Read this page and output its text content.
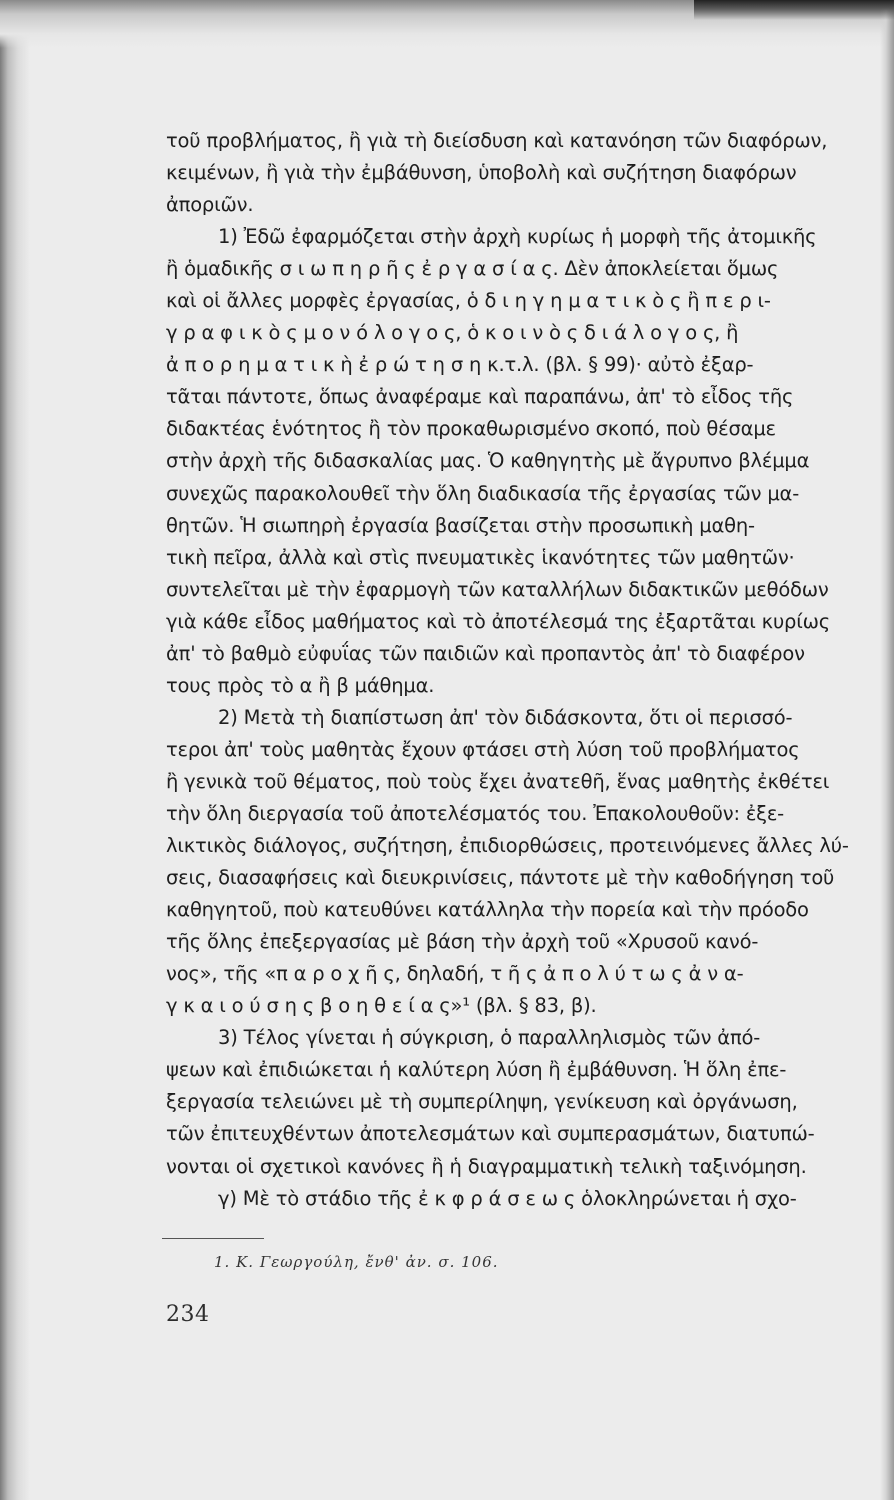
τοῦ προβλήματος, ἢ γιὰ τὴ διείσδυση καὶ κατανόηση τῶν διαφόρων,
κειμένων, ἢ γιὰ τὴν ἐμβάθυνση, ὑποβολὴ καὶ συζήτηση διαφόρων
ἀποριῶν.
1) Ἐδῶ ἐφαρμόζεται στὴν ἀρχὴ κυρίως ἡ μορφὴ τῆς ἀτομικῆς
ἢ ὁμαδικῆς σ ι ω π η ρ ῆ ς ἐ ρ γ α σ ί α ς. Δὲν ἀποκλείεται ὅμως
καὶ οἱ ἄλλες μορφὲς ἐργασίας, ὁ δ ι η γ η μ α τ ι κ ὸ ς ἢ π ε ρ ι-
γ ρ α φ ι κ ὸ ς μ ο ν ό λ ο γ ο ς, ὁ κ ο ι ν ὸ ς δ ι ά λ ο γ ο ς, ἢ
ἀ π ο ρ η μ α τ ι κ ὴ ἐ ρ ώ τ η σ η κ.τ.λ. (βλ. § 99)· αὐτὸ ἐξαρ-
τᾶται πάντοτε, ὅπως ἀναφέραμε καὶ παραπάνω, ἀπ' τὸ εἶδος τῆς
διδακτέας ἑνότητος ἢ τὸν προκαθωρισμένο σκοπό, ποὺ θέσαμε
στὴν ἀρχὴ τῆς διδασκαλίας μας. Ὁ καθηγητὴς μὲ ἄγρυπνο βλέμμα
συνεχῶς παρακολουθεῖ τὴν ὅλη διαδικασία τῆς ἐργασίας τῶν μα-
θητῶν. Ἡ σιωπηρὴ ἐργασία βασίζεται στὴν προσωπικὴ μαθη-
τικὴ πεῖρα, ἀλλὰ καὶ στὶς πνευματικὲς ἱκανότητες τῶν μαθητῶν·
συντελεῖται μὲ τὴν ἐφαρμογὴ τῶν καταλλήλων διδακτικῶν μεθόδων
γιὰ κάθε εἶδος μαθήματος καὶ τὸ ἀποτέλεσμά της ἐξαρτᾶται κυρίως
ἀπ' τὸ βαθμὸ εὐφυΐας τῶν παιδιῶν καὶ προπαντὸς ἀπ' τὸ διαφέρον
τους πρὸς τὸ α ἢ β μάθημα.
2) Μετὰ τὴ διαπίστωση ἀπ' τὸν διδάσκοντα, ὅτι οἱ περισσό-
τεροι ἀπ' τοὺς μαθητὰς ἔχουν φτάσει στὴ λύση τοῦ προβλήματος
ἢ γενικὰ τοῦ θέματος, ποὺ τοὺς ἔχει ἀνατεθῆ, ἕνας μαθητὴς ἐκθέτει
τὴν ὅλη διεργασία τοῦ ἀποτελέσματός του. Ἐπακολουθοῦν: ἐξε-
λικτικὸς διάλογος, συζήτηση, ἐπιδιορθώσεις, προτεινόμενες ἄλλες λύ-
σεις, διασαφήσεις καὶ διευκρινίσεις, πάντοτε μὲ τὴν καθοδήγηση τοῦ
καθηγητοῦ, ποὺ κατευθύνει κατάλληλα τὴν πορεία καὶ τὴν πρόοδο
τῆς ὅλης ἐπεξεργασίας μὲ βάση τὴν ἀρχὴ τοῦ «Χρυσοῦ κανό-
νος», τῆς «π α ρ ο χ ῆ ς, δηλαδή, τ ῆ ς ἀ π ο λ ύ τ ω ς ἀ ν α-
γ κ α ι ο ύ σ η ς β ο η θ ε ί α ς»¹ (βλ. § 83, β).
3) Τέλος γίνεται ἡ σύγκριση, ὁ παραλληλισμὸς τῶν ἀπό-
ψεων καὶ ἐπιδιώκεται ἡ καλύτερη λύση ἢ ἐμβάθυνση. Ἡ ὅλη ἐπε-
ξεργασία τελειώνει μὲ τὴ συμπερίληψη, γενίκευση καὶ ὀργάνωση,
τῶν ἐπιτευχθέντων ἀποτελεσμάτων καὶ συμπερασμάτων, διατυπώ-
νονται οἱ σχετικοὶ κανόνες ἢ ἡ διαγραμματικὴ τελικὴ ταξινόμηση.
γ) Μὲ τὸ στάδιο τῆς ἐ κ φ ρ ά σ ε ω ς ὁλοκληρώνεται ἡ σχο-
1. Κ. Γεωργούλη, ἔνθ' ἀν. σ. 106.
234
